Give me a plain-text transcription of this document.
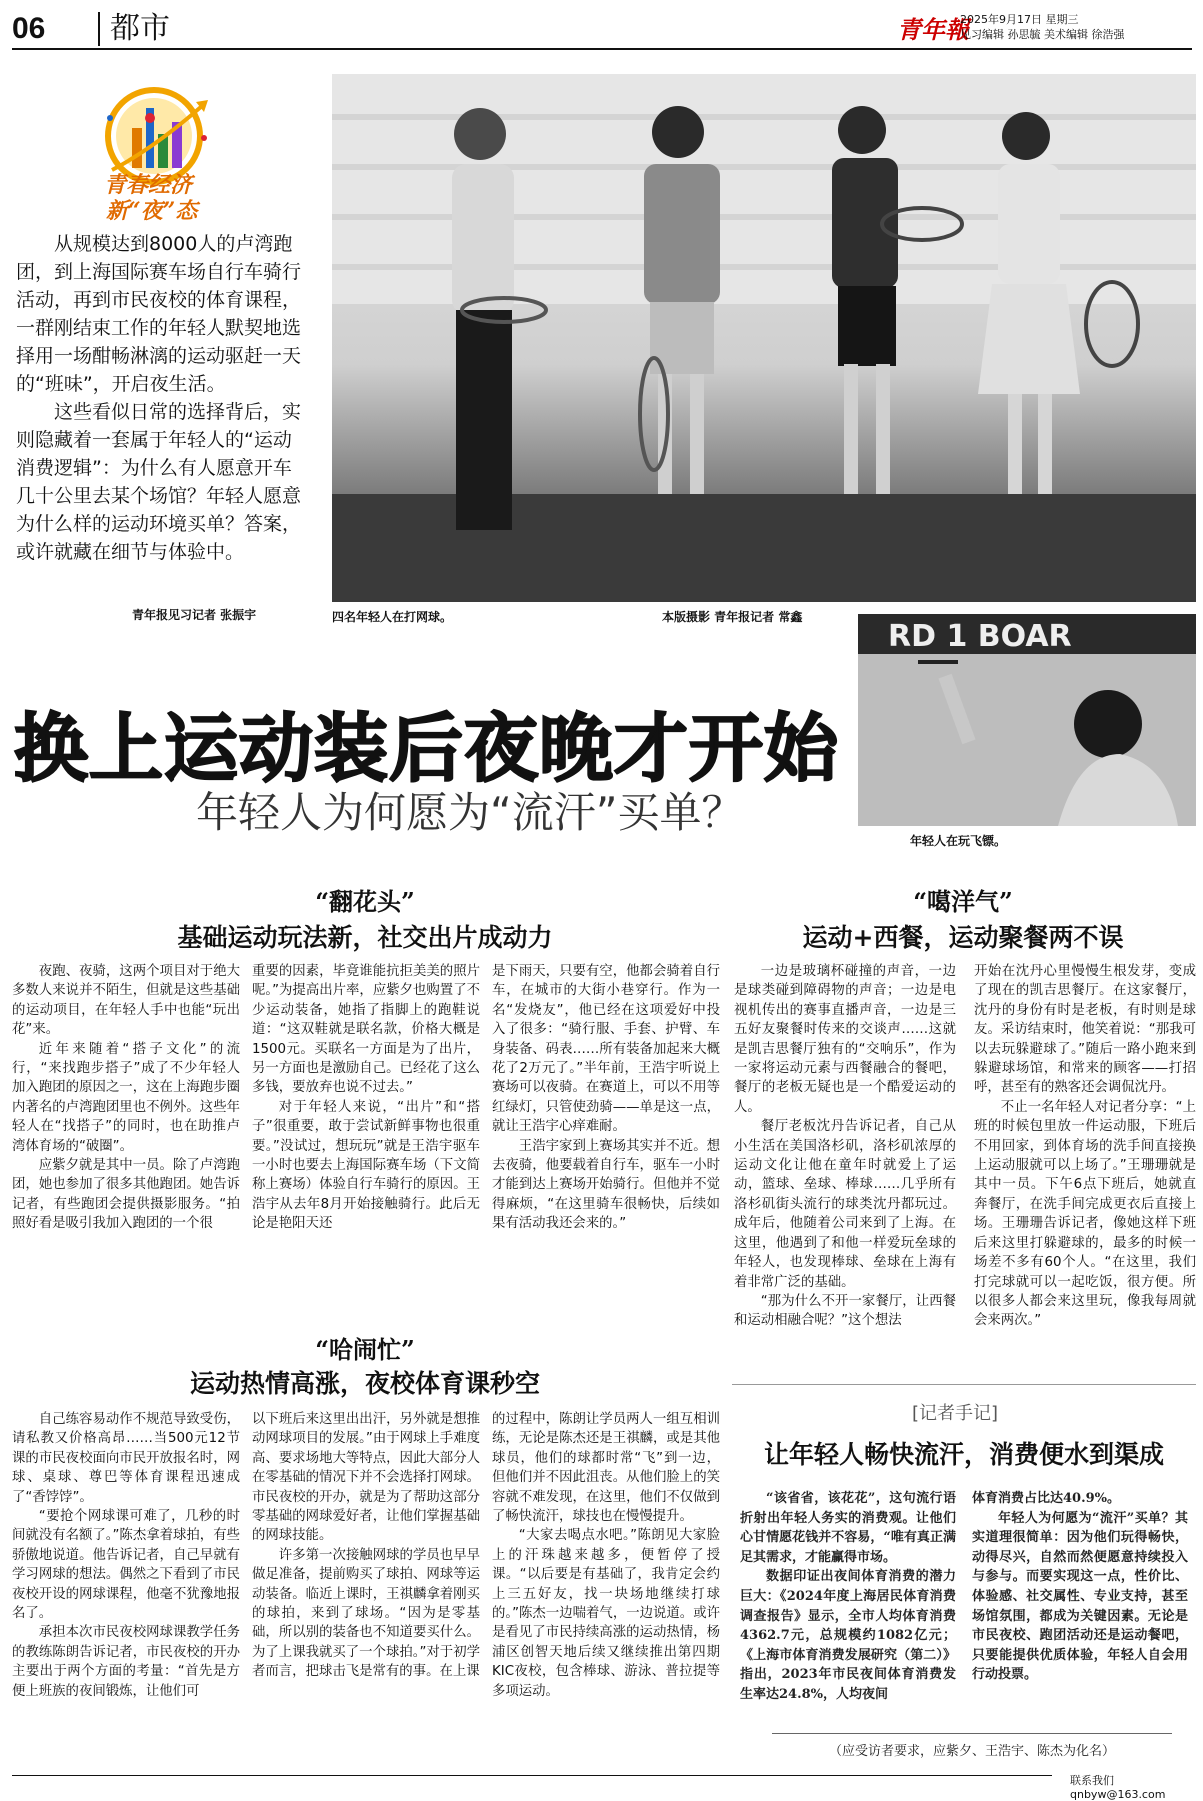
06	都市	青年報
2025年9月17日 星期三
见习编辑 孙思毓 美术编辑 徐浩强
青春经济
新“夜”态

从规模达到8000人的卢湾跑团，到上海国际赛车场自行车骑行活动，再到市民夜校的体育课程，一群刚结束工作的年轻人默契地选择用一场酣畅淋漓的运动驱赶一天的“班味”，开启夜生活。

这些看似日常的选择背后，实则隐藏着一套属于年轻人的“运动消费逻辑”：为什么有人愿意开车几十公里去某个场馆？年轻人愿意为什么样的运动环境买单？答案，或许就藏在细节与体验中。

青年报见习记者 张振宇	四名年轻人在打网球。	本版摄影 青年报记者 常鑫
RD 1 BOAR
年轻人在玩飞镖。
换上运动装后夜晚才开始
年轻人为何愿为“流汗”买单？
“翻花头”
基础运动玩法新，社交出片成动力

夜跑、夜骑，这两个项目对于绝大多数人来说并不陌生，但就是这些基础的运动项目，在年轻人手中也能“玩出花”来。

近年来随着“搭子文化”的流行，“来找跑步搭子”成了不少年轻人加入跑团的原因之一，这在上海跑步圈内著名的卢湾跑团里也不例外。这些年轻人在“找搭子”的同时，也在助推卢湾体育场的“破圈”。

应紫夕就是其中一员。除了卢湾跑团，她也参加了很多其他跑团。她告诉记者，有些跑团会提供摄影服务。“拍照好看是吸引我加入跑团的一个很

重要的因素，毕竟谁能抗拒美美的照片呢。”为提高出片率，应紫夕也购置了不少运动装备，她指了指脚上的跑鞋说道：“这双鞋就是联名款，价格大概是1500元。买联名一方面是为了出片，另一方面也是激励自己。已经花了这么多钱，要放弃也说不过去。”

对于年轻人来说，“出片”和“搭子”很重要，敢于尝试新鲜事物也很重要。”没试过，想玩玩”就是王浩宇驱车一小时也要去上海国际赛车场（下文简称上赛场）体验自行车骑行的原因。王浩宇从去年8月开始接触骑行。此后无论是艳阳天还

是下雨天，只要有空，他都会骑着自行车，在城市的大街小巷穿行。作为一名“发烧友”，他已经在这项爱好中投入了很多：“骑行服、手套、护臂、车身装备、码表……所有装备加起来大概花了2万元了。”半年前，王浩宇听说上赛场可以夜骑。在赛道上，可以不用等红绿灯，只管使劲骑——单是这一点，就让王浩宇心痒难耐。

王浩宇家到上赛场其实并不近。想去夜骑，他要载着自行车，驱车一小时才能到达上赛场开始骑行。但他并不觉得麻烦，“在这里骑车很畅快，后续如果有活动我还会来的。”

“噶洋气”
运动+西餐，运动聚餐两不误

一边是玻璃杯碰撞的声音，一边是球类碰到障碍物的声音；一边是电视机传出的赛事直播声音，一边是三五好友聚餐时传来的交谈声……这就是凯吉思餐厅独有的“交响乐”，作为一家将运动元素与西餐融合的餐吧，餐厅的老板无疑也是一个酷爱运动的人。

餐厅老板沈丹告诉记者，自己从小生活在美国洛杉矶，洛杉矶浓厚的运动文化让他在童年时就爱上了运动，篮球、垒球、棒球……几乎所有洛杉矶街头流行的球类沈丹都玩过。成年后，他随着公司来到了上海。在这里，他遇到了和他一样爱玩垒球的年轻人，也发现棒球、垒球在上海有着非常广泛的基础。

“那为什么不开一家餐厅，让西餐和运动相融合呢？”这个想法

开始在沈丹心里慢慢生根发芽，变成了现在的凯吉思餐厅。在这家餐厅，沈丹的身份有时是老板，有时则是球友。采访结束时，他笑着说：“那我可以去玩躲避球了。”随后一路小跑来到躲避球场馆，和常来的顾客——打招呼，甚至有的熟客还会调侃沈丹。

不止一名年轻人对记者分享：“上班的时候包里放一件运动服，下班后不用回家，到体育场的洗手间直接换上运动服就可以上场了。”王珊珊就是其中一员。下午6点下班后，她就直奔餐厅，在洗手间完成更衣后直接上场。王珊珊告诉记者，像她这样下班后来这里打躲避球的，最多的时候一场差不多有60个人。“在这里，我们打完球就可以一起吃饭，很方便。所以很多人都会来这里玩，像我每周就会来两次。”

“哈闹忙”
运动热情高涨，夜校体育课秒空

自己练容易动作不规范导致受伤，请私教又价格高昂……当500元12节课的市民夜校面向市民开放报名时，网球、桌球、尊巴等体育课程迅速成了“香饽饽”。

“要抢个网球课可难了，几秒的时间就没有名额了。”陈杰拿着球拍，有些骄傲地说道。他告诉记者，自己早就有学习网球的想法。偶然之下看到了市民夜校开设的网球课程，他毫不犹豫地报名了。

承担本次市民夜校网球课教学任务的教练陈朗告诉记者，市民夜校的开办主要出于两个方面的考量：“首先是方便上班族的夜间锻炼，让他们可

以下班后来这里出出汗，另外就是想推动网球项目的发展。”由于网球上手难度高、要求场地大等特点，因此大部分人在零基础的情况下并不会选择打网球。市民夜校的开办，就是为了帮助这部分零基础的网球爱好者，让他们掌握基础的网球技能。

许多第一次接触网球的学员也早早做足准备，提前购买了球拍、网球等运动装备。临近上课时，王祺麟拿着刚买的球拍，来到了球场。“因为是零基础，所以别的装备也不知道要买什么。为了上课我就买了一个球拍。”对于初学者而言，把球击飞是常有的事。在上课

的过程中，陈朗让学员两人一组互相训练，无论是陈杰还是王祺麟，或是其他球员，他们的球都时常“飞”到一边，但他们并不因此沮丧。从他们脸上的笑容就不难发现，在这里，他们不仅做到了畅快流汗，球技也在慢慢提升。

“大家去喝点水吧。”陈朗见大家脸上的汗珠越来越多，便暂停了授课。“以后要是有基础了，我肯定会约上三五好友，找一块场地继续打球的。”陈杰一边喘着气，一边说道。或许是看见了市民持续高涨的运动热情，杨浦区创智天地后续又继续推出第四期KIC夜校，包含棒球、游泳、普拉提等多项运动。

[记者手记]
让年轻人畅快流汗，消费便水到渠成

“该省省，该花花”，这句流行语折射出年轻人务实的消费观。让他们心甘情愿花钱并不容易，“唯有真正满足其需求，才能赢得市场。

数据印证出夜间体育消费的潜力巨大：《2024年度上海居民体育消费调查报告》显示，全市人均体育消费4362.7元，总规模约1082亿元；《上海市体育消费发展研究（第二）》指出，2023年市民夜间体育消费发生率达24.8%，人均夜间

体育消费占比达40.9%。

年轻人为何愿为“流汗”买单？其实道理很简单：因为他们玩得畅快，动得尽兴，自然而然便愿意持续投入与参与。而要实现这一点，性价比、体验感、社交属性、专业支持，甚至场馆氛围，都成为关键因素。无论是市民夜校、跑团活动还是运动餐吧，只要能提供优质体验，年轻人自会用行动投票。

（应受访者要求，应紫夕、王浩宇、陈杰为化名）
联系我们 qnbyw@163.com
